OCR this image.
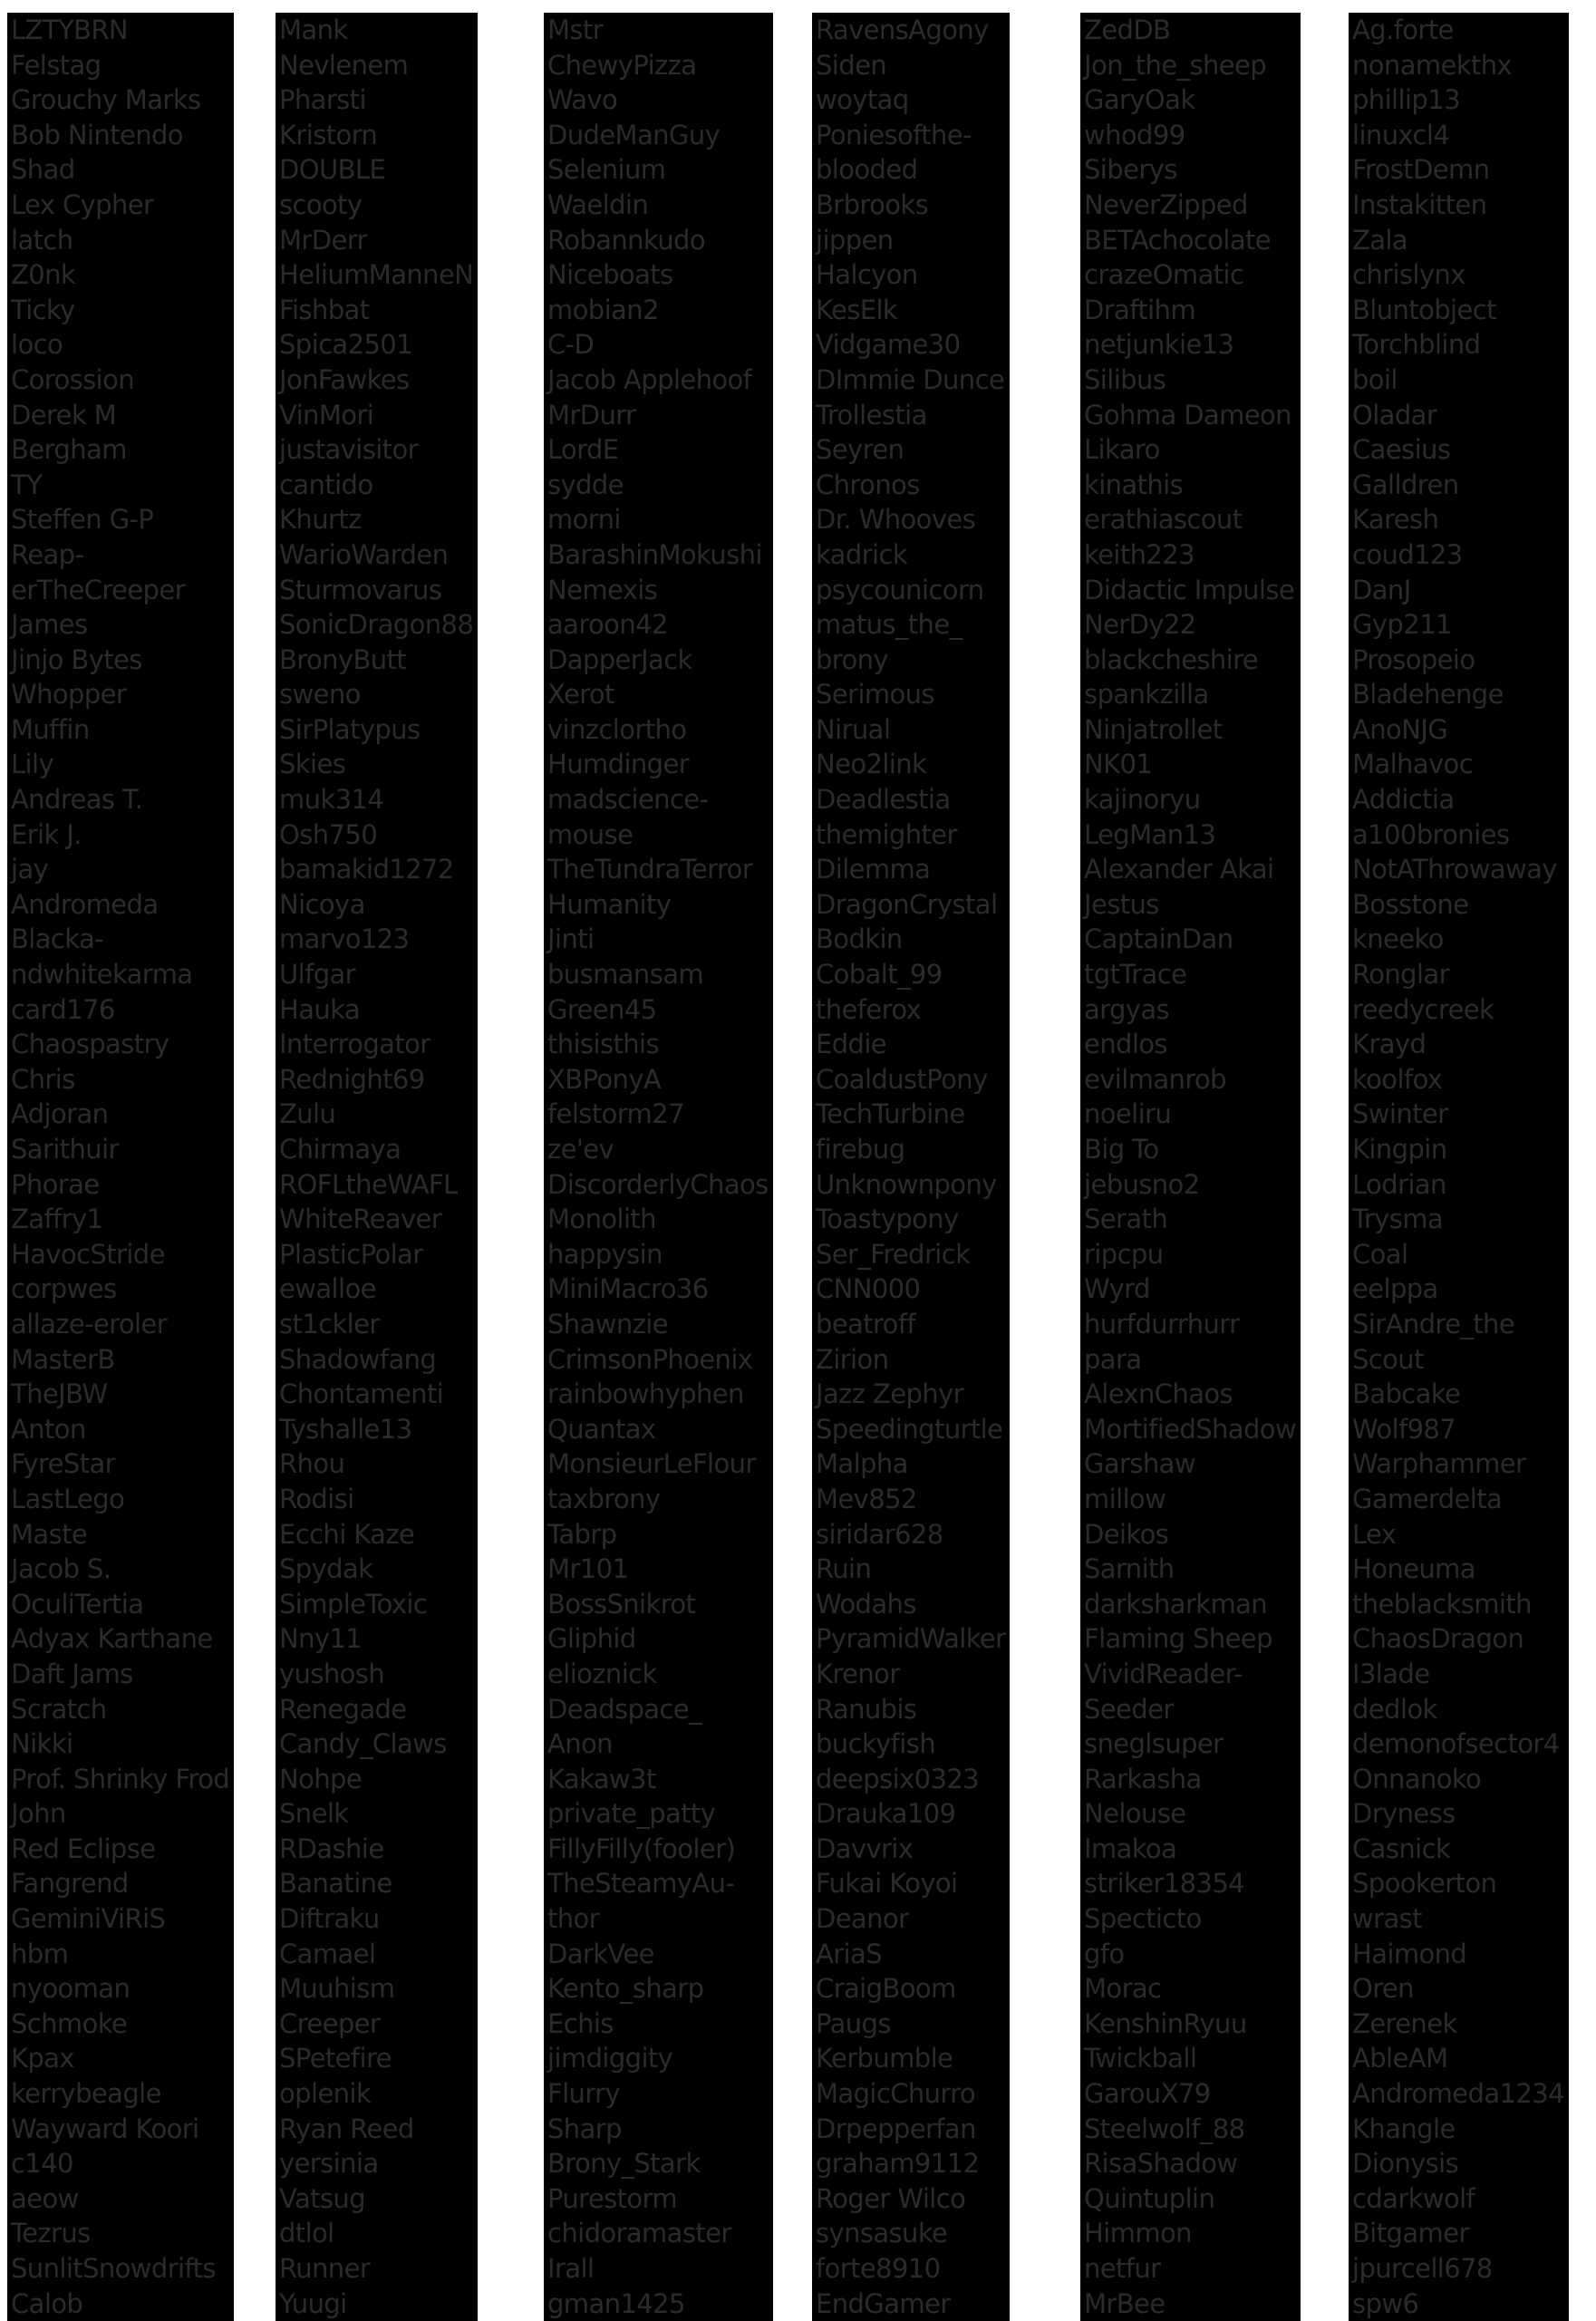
LZTYBRN
Felstag
Grouchy Marks
Bob Nintendo
Shad
Lex Cypher
latch
Z0nk
Ticky
loco
Corossion
Derek M
Bergham
TY
Steffen G-P
Reap-
erTheCreeper
James
Jinjo Bytes
Whopper
Muffin
Lily
Andreas T.
Erik J.
jay
Andromeda
Blacka-
ndwhitekarma
card176
Chaospastry
Chris
Adjoran
Sarithuir
Phorae
Zaffry1
HavocStride
corpwes
allaze-eroler
MasterB
TheJBW
Anton
FyreStar
LastLego
Maste
Jacob S.
OculiTertia
Adyax Karthane
Daft Jams
Scratch
Nikki
Prof. Shrinky Frod
John
Red Eclipse
Fangrend
GeminiViRiS
hbm
nyooman
Schmoke
Kpax
kerrybeagle
Wayward Koori
c140
aeow
Tezrus
SunlitSnowdrifts
Calob
Mank
Nevlenem
Pharsti
Kristorn
DOUBLE
scooty
MrDerr
HeliumManneN
Fishbat
Spica2501
JonFawkes
VinMori
justavisitor
cantido
Khurtz
WarioWarden
Sturmovarus
SonicDragon88
BronyButt
sweno
SirPlatypus
Skies
muk314
Osh750
bamakid1272
Nicoya
marvo123
Ulfgar
Hauka
Interrogator
Rednight69
Zulu
Chirmaya
ROFLtheWAFL
WhiteReaver
PlasticPolar
ewalloe
st1ckler
Shadowfang
Chontamenti
Tyshalle13
Rhou
Rodisi
Ecchi Kaze
Spydak
SimpleToxic
Nny11
yushosh
Renegade
Candy_Claws
Nohpe
Snelk
RDashie
Banatine
Diftraku
Camael
Muuhism
Creeper
SPetefire
oplenik
Ryan Reed
yersinia
Vatsug
dtlol
Runner
Yuugi
Mstr
ChewyPizza
Wavo
DudeManGuy
Selenium
Waeldin
Robannkudo
Niceboats
mobian2
C-D
Jacob Applehoof
MrDurr
LordE
sydde
morni
BarashinMokushi
Nemexis
aaroon42
DapperJack
Xerot
vinzclortho
Humdinger
madscience-
mouse
TheTundraTerror
Humanity
Jinti
busmansam
Green45
thisisthis
XBPonyA
felstorm27
ze'ev
DiscorderlyChaos
Monolith
happysin
MiniMacro36
Shawnzie
CrimsonPhoenix
rainbowhyphen
Quantax
MonsieurLeFlour
taxbrony
Tabrp
Mr101
BossSnikrot
Gliphid
elioznick
Deadspace_
Anon
Kakaw3t
private_patty
FillyFilly(fooler)
TheSteamyAu-
thor
DarkVee
Kento_sharp
Echis
jimdiggity
Flurry
Sharp
Brony_Stark
Purestorm
chidoramaster
Irall
gman1425
RavensAgony
Siden
woytaq
Poniesofthe-
blooded
Brbrooks
jippen
Halcyon
KesElk
Vidgame30
DImmie Dunce
Trollestia
Seyren
Chronos
Dr. Whooves
kadrick
psycounicorn
matus_the_
brony
Serimous
Nirual
Neo2link
Deadlestia
themighter
Dilemma
DragonCrystal
Bodkin
Cobalt_99
theferox
Eddie
CoaldustPony
TechTurbine
firebug
Unknownpony
Toastypony
Ser_Fredrick
CNN000
beatroff
Zirion
Jazz Zephyr
Speedingturtle
Malpha
Mev852
siridar628
Ruin
Wodahs
PyramidWalker
Krenor
Ranubis
buckyfish
deepsix0323
Drauka109
Davvrix
Fukai Koyoi
Deanor
AriaS
CraigBoom
Paugs
Kerbumble
MagicChurro
Drpepperfan
graham9112
Roger Wilco
synsasuke
forte8910
EndGamer
ZedDB
Jon_the_sheep
GaryOak
whod99
Siberys
NeverZipped
BETAchocolate
crazeOmatic
Draftihm
netjunkie13
Silibus
Gohma Dameon
Likaro
kinathis
erathiascout
keith223
Didactic Impulse
NerDy22
blackcheshire
spankzilla
Ninjatrollet
NK01
kajinoryu
LegMan13
Alexander Akai
Jestus
CaptainDan
tgtTrace
argyas
endlos
evilmanrob
noeliru
Big To
jebusno2
Serath
ripcpu
Wyrd
hurfdurrhurr
para
AlexnChaos
MortifiedShadow
Garshaw
millow
Deikos
Sarnith
darksharkman
Flaming Sheep
VividReader-
Seeder
sneglsuper
Rarkasha
Nelouse
Imakoa
striker18354
Specticto
gfo
Morac
KenshinRyuu
Twickball
GarouX79
Steelwolf_88
RisaShadow
Quintuplin
Himmon
netfur
MrBee
Ag.forte
nonamekthx
phillip13
linuxcl4
FrostDemn
Instakitten
Zala
chrislynx
Bluntobject
Torchblind
boil
Oladar
Caesius
Galldren
Karesh
coud123
DanJ
Gyp211
Prosopeio
Bladehenge
AnoNJG
Malhavoc
Addictia
a100bronies
NotAThrowaway
Bosstone
kneeko
Ronglar
reedycreek
Krayd
koolfox
Swinter
Kingpin
Lodrian
Trysma
Coal
eelppa
SirAndre_the
Scout
Babcake
Wolf987
Warphammer
Gamerdelta
Lex
Honeuma
theblacksmith
ChaosDragon
I3lade
dedlok
demonofsector4
Onnanoko
Dryness
Casnick
Spookerton
wrast
Haimond
Oren
Zerenek
AbleAM
Andromeda1234
Khangle
Dionysis
cdarkwolf
Bitgamer
jpurcell678
spw6
